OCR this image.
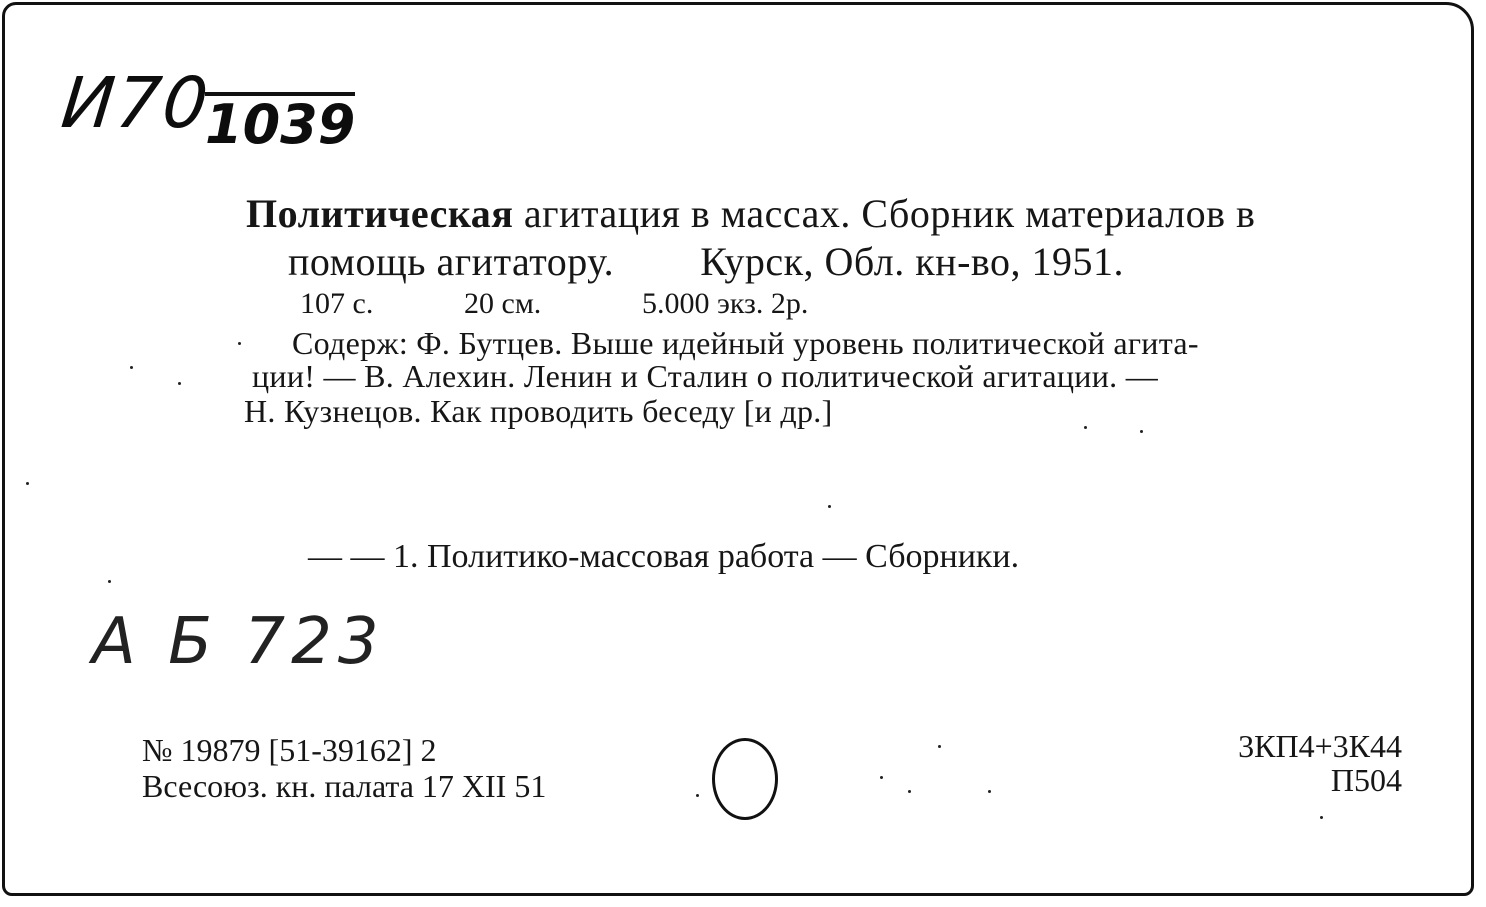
И70
1039
Политическая агитация в массах. Сборник материалов в
помощь агитатору. Курск, Обл. кн-во, 1951.
107 с.	20 см.	5.000 экз. 2р.
Содерж: Ф. Бутцев. Выше идейный уровень политической агита-
ции! — В. Алехин. Ленин и Сталин о политической агитации. —
Н. Кузнецов. Как проводить беседу [и др.]
— — 1. Политико-массовая работа — Сборники.
А Б 723
№ 19879 [51-39162] 2
Всесоюз. кн. палата 17 XII 51
3КП4+3К44
П504
